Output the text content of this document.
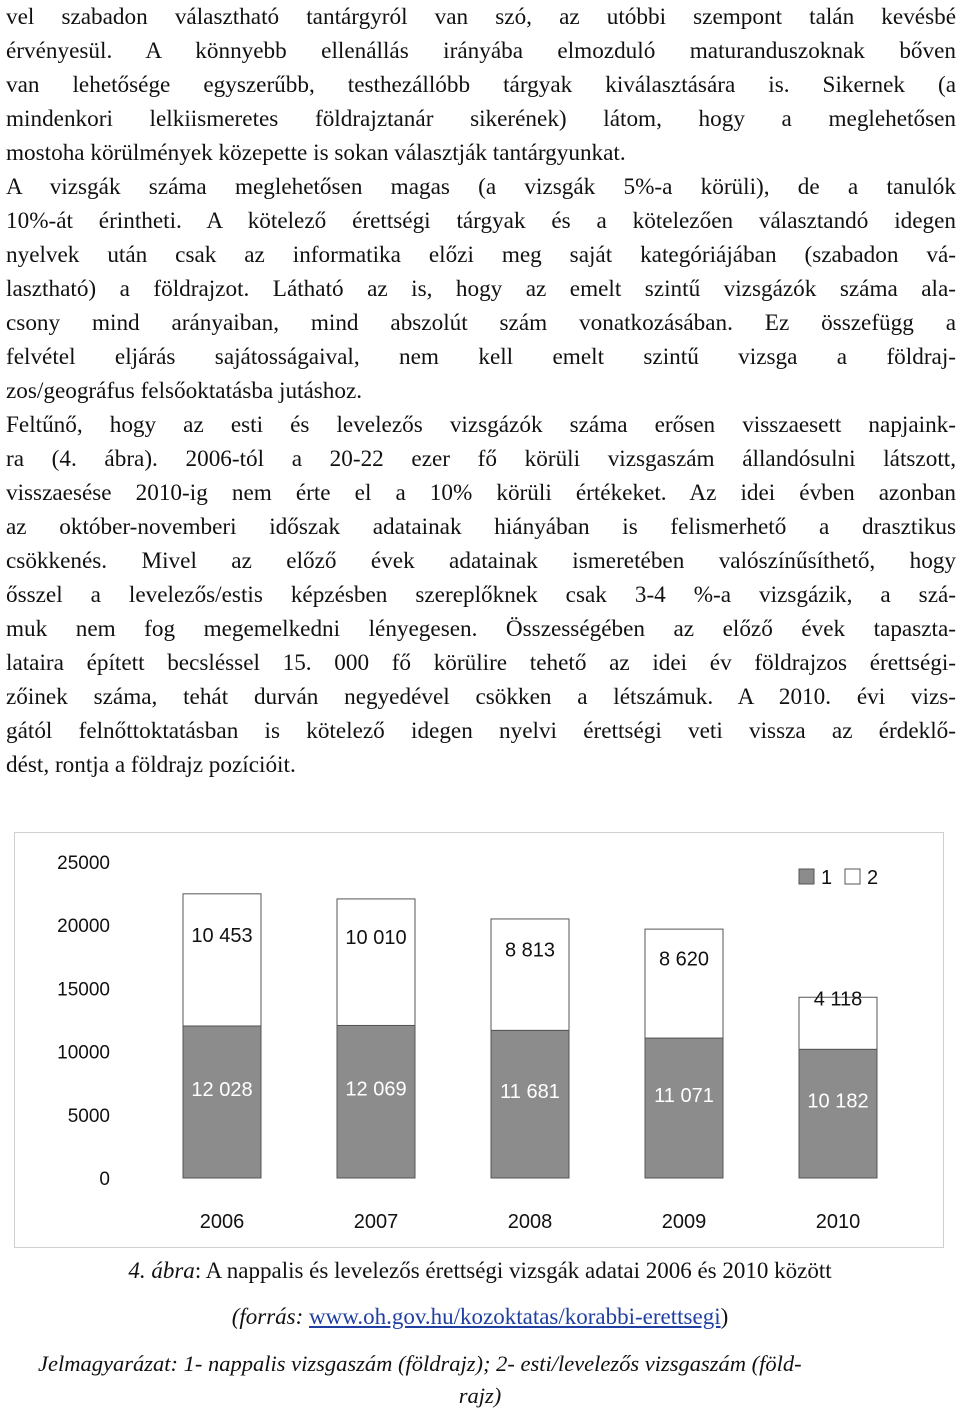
vel szabadon választható tantárgyról van szó, az utóbbi szempont talán kevésbé
érvényesül. A könnyebb ellenállás irányába elmozduló maturanduszoknak bőven
van lehetősége egyszerűbb, testhezállóbb tárgyak kiválasztására is. Sikernek (a
mindenkori lelkiismeretes földrajztanár sikerének) látom, hogy a meglehetősen
mostoha körülmények közepette is sokan választják tantárgyunkat.
A vizsgák száma meglehetősen magas (a vizsgák 5%-a körüli), de a tanulók
10%-át érintheti. A kötelező érettségi tárgyak és a kötelezően választandó idegen
nyelvek után csak az informatika előzi meg saját kategóriájában (szabadon vá-
lasztható) a földrajzot. Látható az is, hogy az emelt szintű vizsgázók száma ala-
csony mind arányaiban, mind abszolút szám vonatkozásában. Ez összefügg a
felvétel eljárás sajátosságaival, nem kell emelt szintű vizsga a földraj-
zos/geográfus felsőoktatásba jutáshoz.
Feltűnő, hogy az esti és levelezős vizsgázók száma erősen visszaesett napjaink-
ra (4. ábra). 2006-tól a 20-22 ezer fő körüli vizsgaszám állandósulni látszott,
visszaesése 2010-ig nem érte el a 10% körüli értékeket. Az idei évben azonban
az október-novemberi időszak adatainak hiányában is felismerhető a drasztikus
csökkenés. Mivel az előző évek adatainak ismeretében valószínűsíthető, hogy
ősszel a levelezős/estis képzésben szereplőknek csak 3-4 %-a vizsgázik, a szá-
muk nem fog megemelkedni lényegesen. Összességében az előző évek tapaszta-
lataira épített becsléssel 15. 000 fő körülire tehető az idei év földrajzos érettségi-
zőinek száma, tehát durván negyedével csökken a létszámuk. A 2010. évi vizs-
gától felnőttoktatásban is kötelező idegen nyelvi érettségi veti vissza az érdeklő-
dést, rontja a földrajz pozícióit.
0
5000
10000
15000
20000
25000
12 028
10 453
2006
12 069
10 010
2007
11 681
8 813
2008
11 071
8 620
2009
10 182
4 118
2010
1 2
4. ábra: A nappalis és levelezős érettségi vizsgák adatai 2006 és 2010 között
(forrás: www.oh.gov.hu/kozoktatas/korabbi-erettsegi)
Jelmagyarázat: 1- nappalis vizsgaszám (földrajz); 2- esti/levelezős vizsgaszám (föld-
rajz)
